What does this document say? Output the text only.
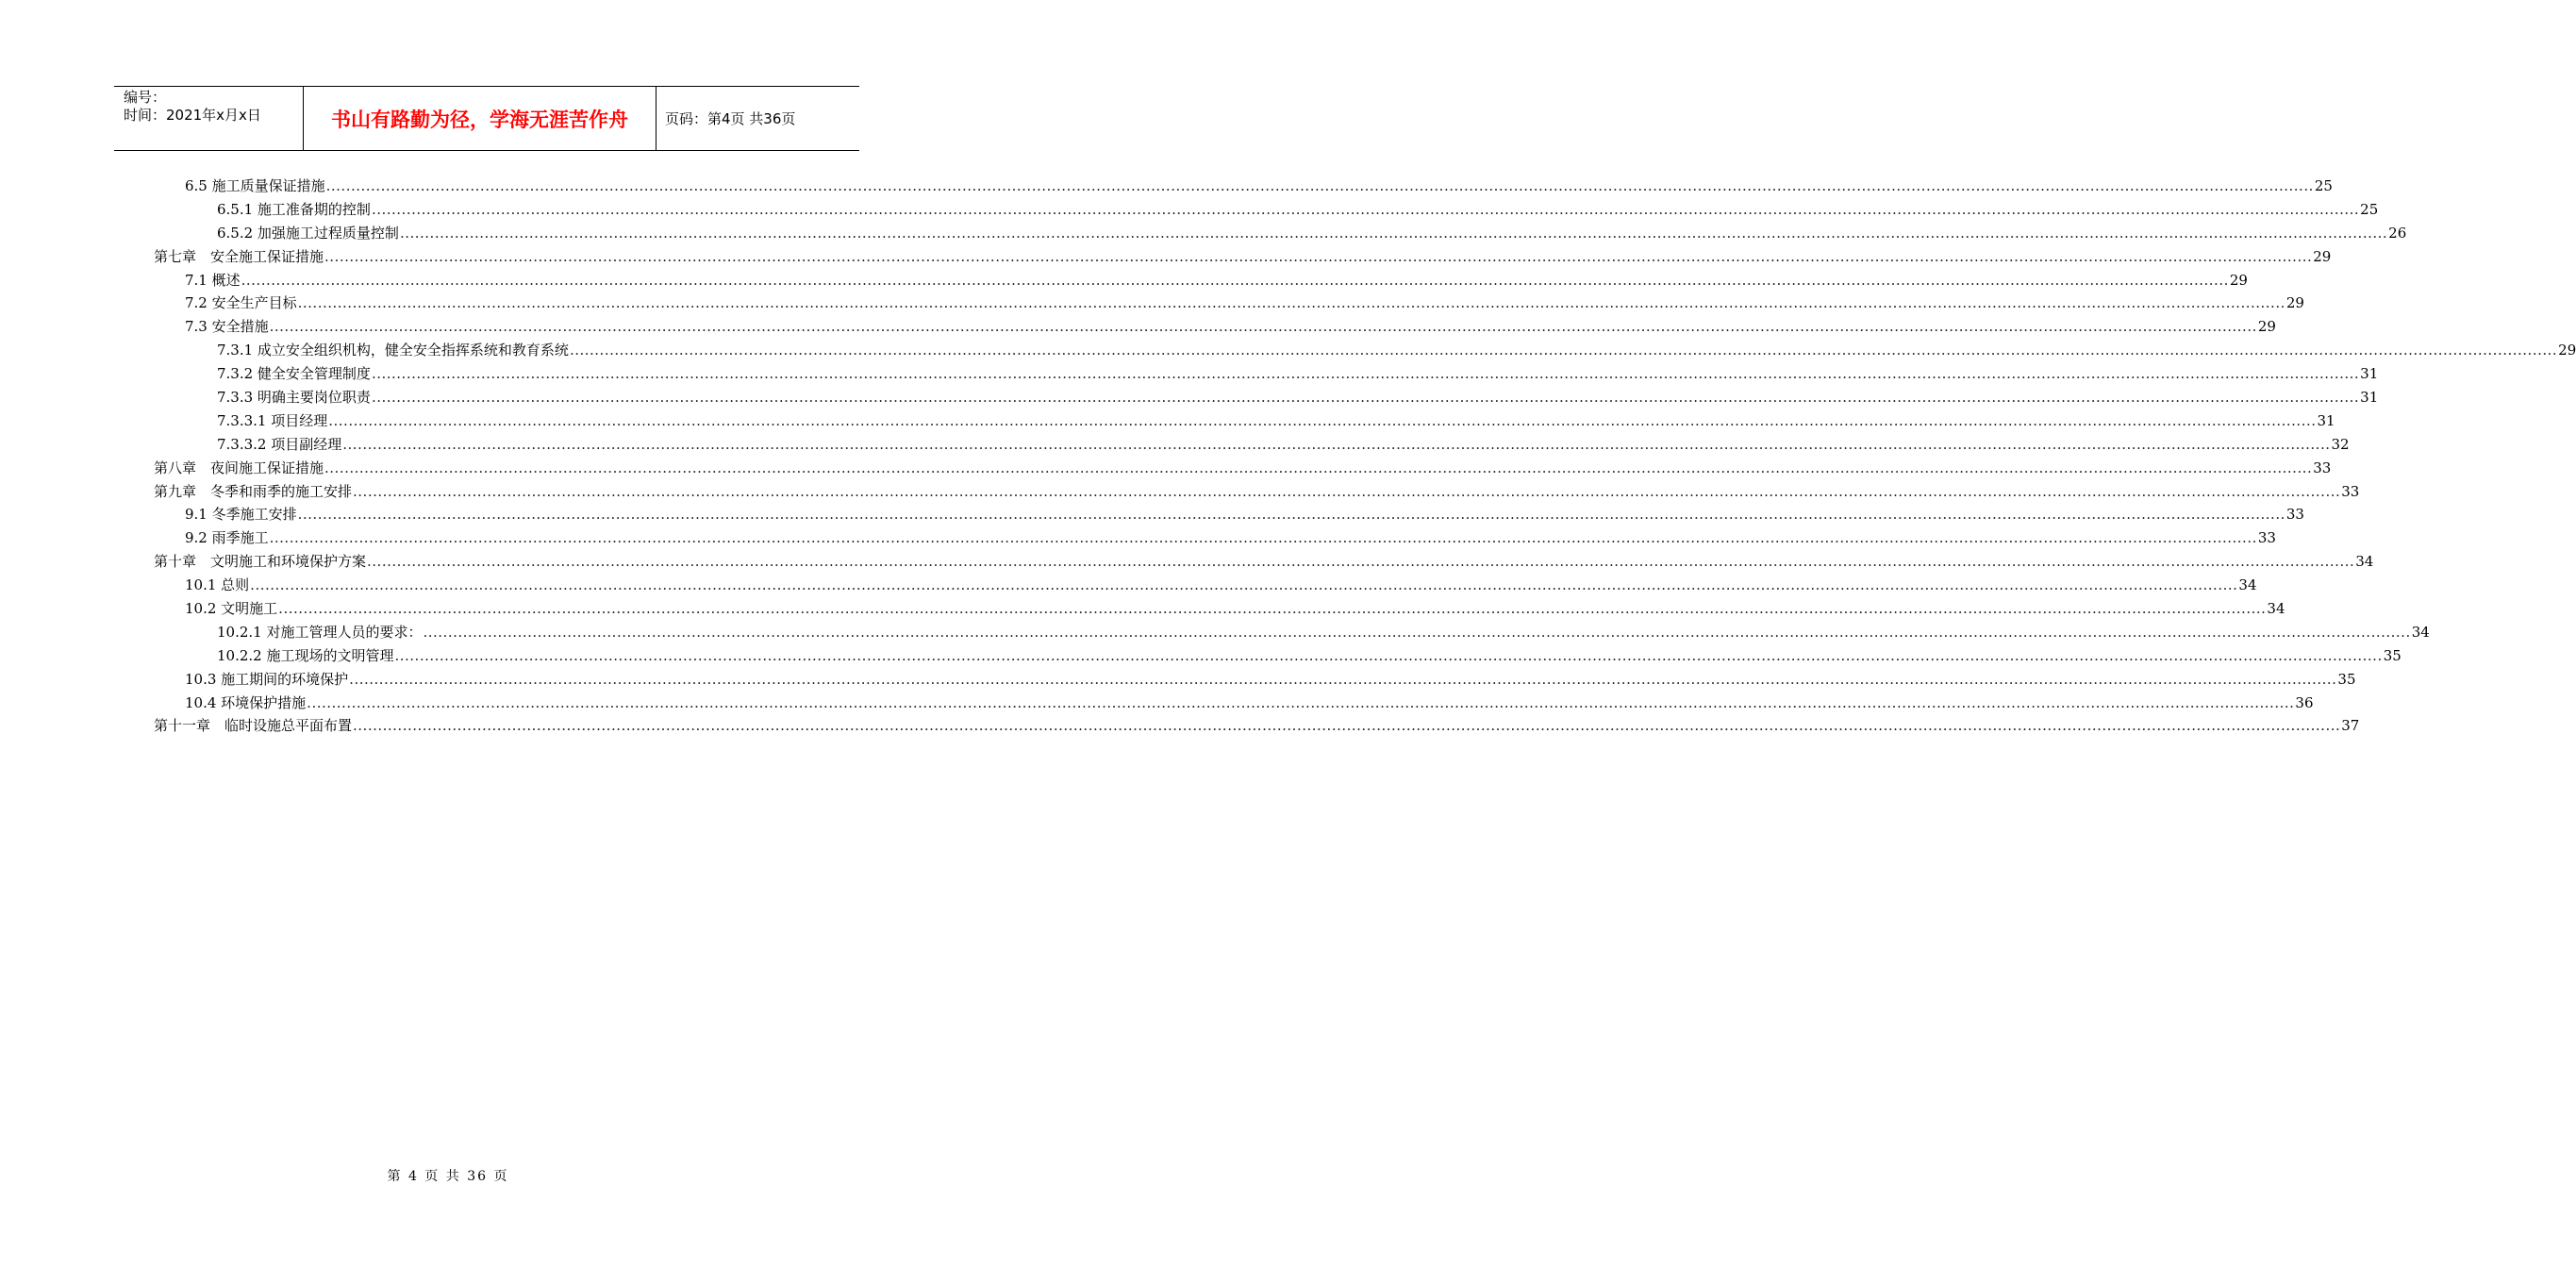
编号：
时间：2021年x月x日	书山有路勤为径，学海无涯苦作舟	页码：第4页 共36页
6.5 施工质量保证措施 ................................................................................................................................................................................................................................................................................................................................................................................................................ 25
6.5.1 施工准备期的控制 ................................................................................................................................................................................................................................................................................................................................................................................................................ 25
6.5.2 加强施工过程质量控制 ................................................................................................................................................................................................................................................................................................................................................................................................................ 26
第七章　安全施工保证措施 ................................................................................................................................................................................................................................................................................................................................................................................................................ 29
7.1 概述 ................................................................................................................................................................................................................................................................................................................................................................................................................ 29
7.2 安全生产目标 ................................................................................................................................................................................................................................................................................................................................................................................................................ 29
7.3 安全措施 ................................................................................................................................................................................................................................................................................................................................................................................................................ 29
7.3.1 成立安全组织机构，健全安全指挥系统和教育系统 ................................................................................................................................................................................................................................................................................................................................................................................................................ 29
7.3.2 健全安全管理制度 ................................................................................................................................................................................................................................................................................................................................................................................................................ 31
7.3.3 明确主要岗位职责 ................................................................................................................................................................................................................................................................................................................................................................................................................ 31
7.3.3.1 项目经理 ................................................................................................................................................................................................................................................................................................................................................................................................................ 31
7.3.3.2 项目副经理 ................................................................................................................................................................................................................................................................................................................................................................................................................ 32
第八章　夜间施工保证措施 ................................................................................................................................................................................................................................................................................................................................................................................................................ 33
第九章　冬季和雨季的施工安排 ................................................................................................................................................................................................................................................................................................................................................................................................................ 33
9.1 冬季施工安排 ................................................................................................................................................................................................................................................................................................................................................................................................................ 33
9.2 雨季施工 ................................................................................................................................................................................................................................................................................................................................................................................................................ 33
第十章　文明施工和环境保护方案 ................................................................................................................................................................................................................................................................................................................................................................................................................ 34
10.1 总则 ................................................................................................................................................................................................................................................................................................................................................................................................................ 34
10.2 文明施工 ................................................................................................................................................................................................................................................................................................................................................................................................................ 34
10.2.1 对施工管理人员的要求： ................................................................................................................................................................................................................................................................................................................................................................................................................ 34
10.2.2 施工现场的文明管理 ................................................................................................................................................................................................................................................................................................................................................................................................................ 35
10.3 施工期间的环境保护 ................................................................................................................................................................................................................................................................................................................................................................................................................ 35
10.4 环境保护措施 ................................................................................................................................................................................................................................................................................................................................................................................................................ 36
第十一章　临时设施总平面布置 ................................................................................................................................................................................................................................................................................................................................................................................................................ 37
第 4 页 共 36 页
